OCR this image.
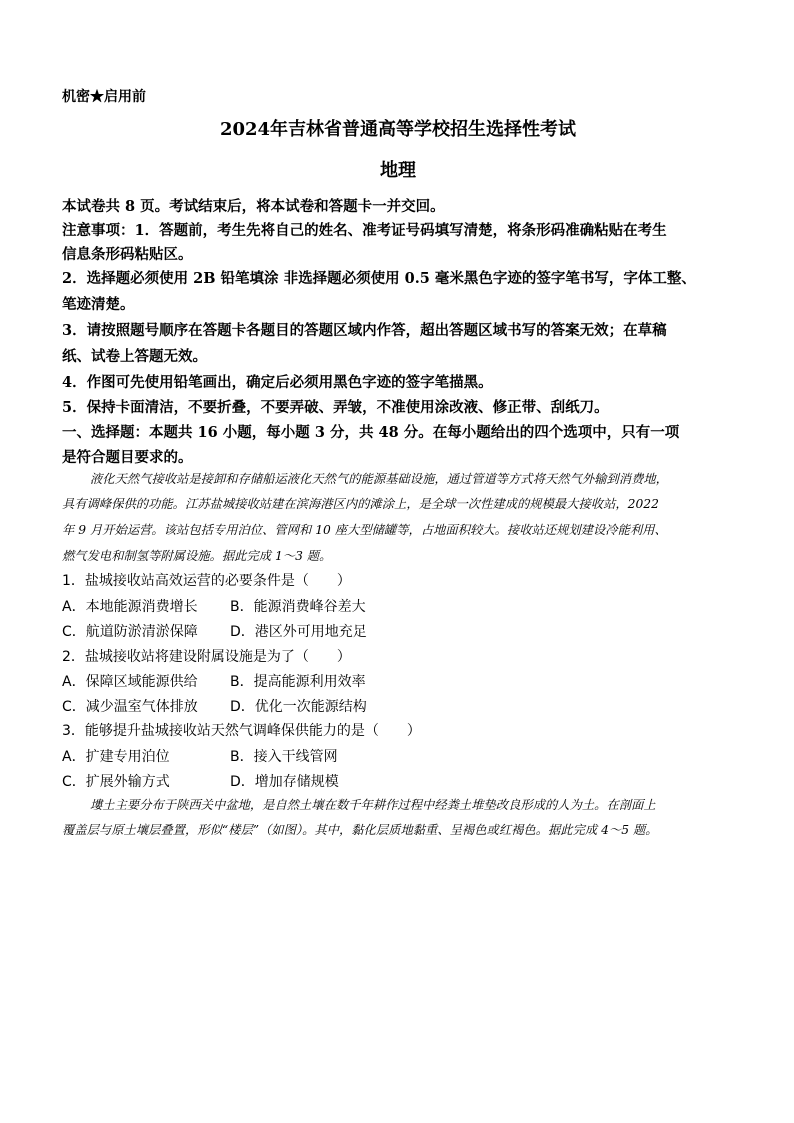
机密★启用前
2024年吉林省普通高等学校招生选择性考试
地理
本试卷共 8 页。考试结束后，将本试卷和答题卡一并交回。
注意事项：1．答题前，考生先将自己的姓名、准考证号码填写清楚，将条形码准确粘贴在考生
信息条形码粘贴区。
2．选择题必须使用 2B 铅笔填涂 非选择题必须使用 0.5 毫米黑色字迹的签字笔书写，字体工整、
笔迹清楚。
3．请按照题号顺序在答题卡各题目的答题区域内作答，超出答题区域书写的答案无效；在草稿
纸、试卷上答题无效。
4．作图可先使用铅笔画出，确定后必须用黑色字迹的签字笔描黑。
5．保持卡面清洁，不要折叠，不要弄破、弄皱，不准使用涂改液、修正带、刮纸刀。
一、选择题：本题共 16 小题，每小题 3 分，共 48 分。在每小题给出的四个选项中，只有一项
是符合题目要求的。
液化天然气接收站是接卸和存储船运液化天然气的能源基础设施，通过管道等方式将天然气外输到消费地，
具有调峰保供的功能。江苏盐城接收站建在滨海港区内的滩涂上，是全球一次性建成的规模最大接收站，2022
年 9 月开始运营。该站包括专用泊位、管网和 10 座大型储罐等，占地面积较大。接收站还规划建设冷能利用、
燃气发电和制氢等附属设施。据此完成 1～3 题。
1．盐城接收站高效运营的必要条件是（　　）
A．本地能源消费增长 B．能源消费峰谷差大
C．航道防淤清淤保障 D．港区外可用地充足
2．盐城接收站将建设附属设施是为了（　　）
A．保障区域能源供给 B．提高能源利用效率
C．减少温室气体排放 D．优化一次能源结构
3．能够提升盐城接收站天然气调峰保供能力的是（　　）
A．扩建专用泊位	B．接入干线管网
C．扩展外输方式	D．增加存储规模
塿土主要分布于陕西关中盆地，是自然土壤在数千年耕作过程中经粪土堆垫改良形成的人为土。在剖面上
覆盖层与原土壤层叠置，形似“楼层”（如图）。其中，黏化层质地黏重、呈褐色或红褐色。据此完成 4～5 题。
